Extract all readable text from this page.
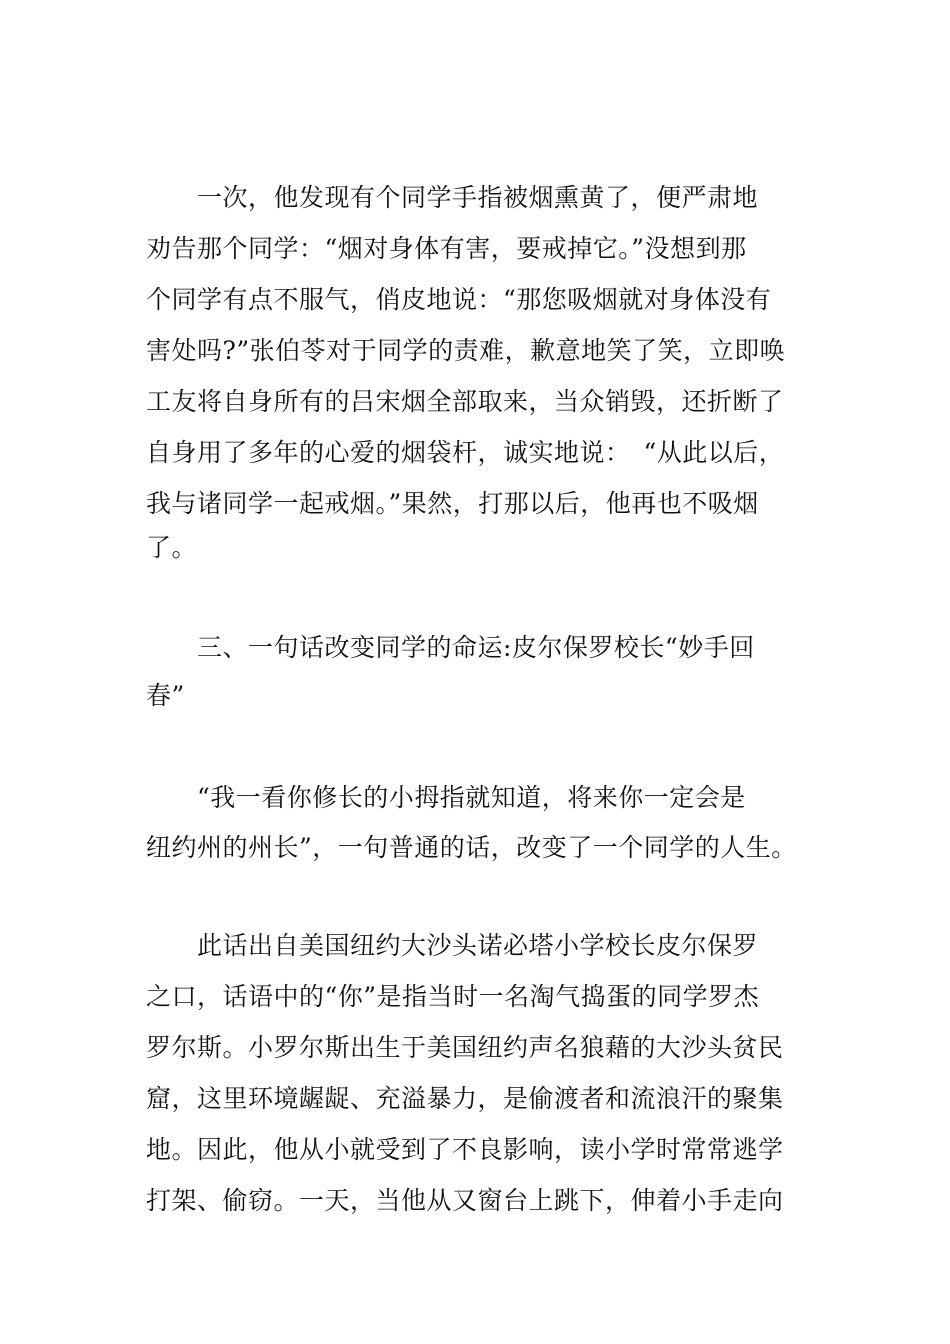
　　一次，他发现有个同学手指被烟熏黄了，便严肃地
劝告那个同学：“烟对身体有害，要戒掉它。”没想到那
个同学有点不服气，俏皮地说：“那您吸烟就对身体没有
害处吗?”张伯苓对于同学的责难，歉意地笑了笑，立即唤
工友将自身所有的吕宋烟全部取来，当众销毁，还折断了
自身用了多年的心爱的烟袋杆，诚实地说：　“从此以后，
我与诸同学一起戒烟。”果然，打那以后，他再也不吸烟
了。
　　三、一句话改变同学的命运:皮尔保罗校长“妙手回
春”
　　“我一看你修长的小拇指就知道，将来你一定会是
纽约州的州长”，一句普通的话，改变了一个同学的人生。
　　此话出自美国纽约大沙头诺必塔小学校长皮尔保罗
之口，话语中的“你”是指当时一名淘气捣蛋的同学罗杰
罗尔斯。小罗尔斯出生于美国纽约声名狼藉的大沙头贫民
窟，这里环境龌龊、充溢暴力，是偷渡者和流浪汗的聚集
地。因此，他从小就受到了不良影响，读小学时常常逃学
打架、偷窃。一天，当他从又窗台上跳下，伸着小手走向
